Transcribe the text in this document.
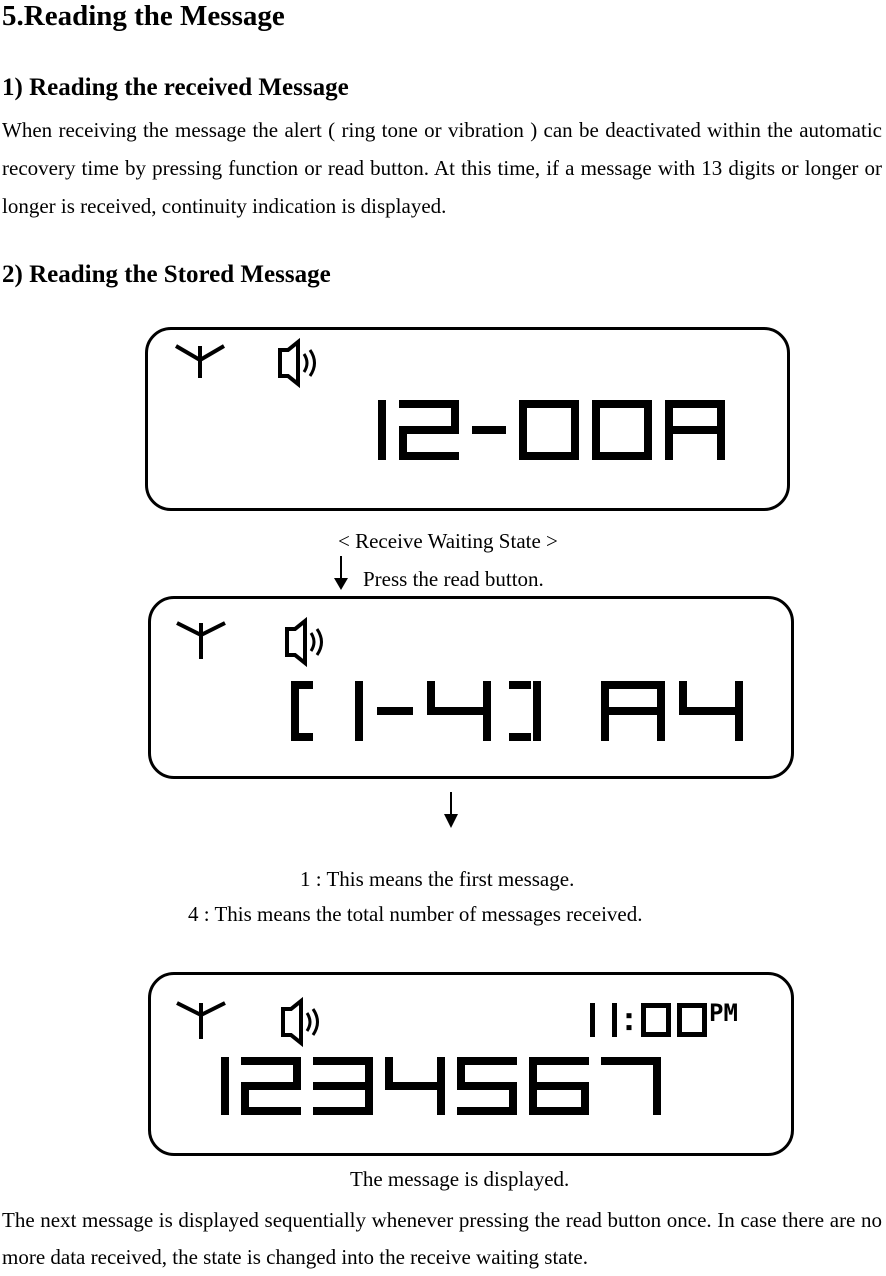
5.Reading the Message
1) Reading the received Message

When receiving the message the alert ( ring tone or vibration ) can be deactivated within the automatic recovery time by pressing function or read button. At this time, if a message with 13 digits or longer or longer is received, continuity indication is displayed.

2) Reading the Stored Message

< Receive Waiting State >

Press the read button.

1 : This means the first message.

4 : This means the total number of messages received.

PM

The message is displayed.

The next message is displayed sequentially whenever pressing the read button once. In case there are no more data received, the state is changed into the receive waiting state.
